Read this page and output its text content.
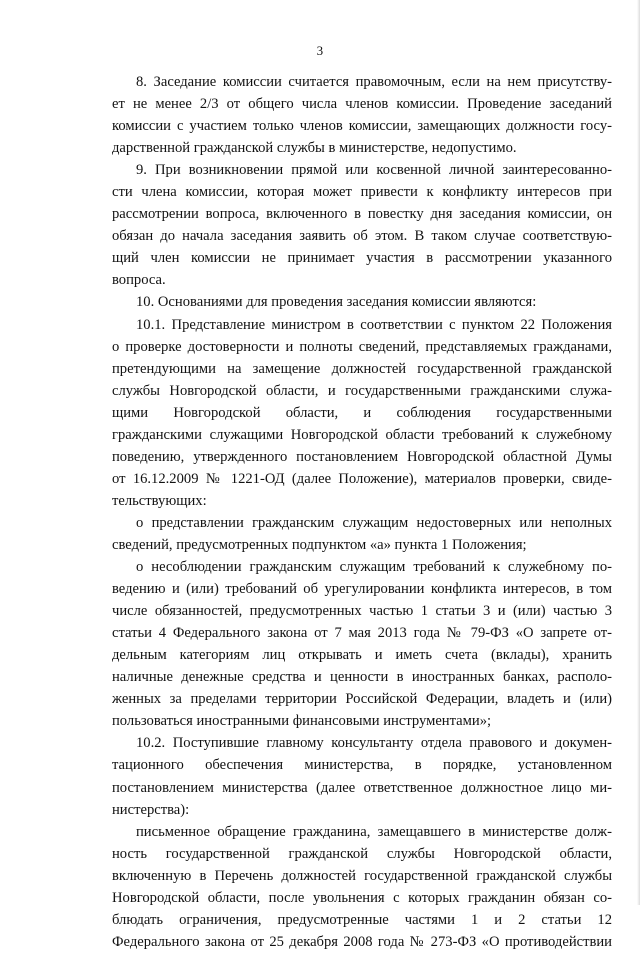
3
8. Заседание комиссии считается правомочным, если на нем присутству-
ет не менее 2/3 от общего числа членов комиссии. Проведение заседаний
комиссии с участием только членов комиссии, замещающих должности госу-
дарственной гражданской службы в министерстве, недопустимо.
9. При возникновении прямой или косвенной личной заинтересованно-
сти члена комиссии, которая может привести к конфликту интересов при
рассмотрении вопроса, включенного в повестку дня заседания комиссии, он
обязан до начала заседания заявить об этом. В таком случае соответствую-
щий член комиссии не принимает участия в рассмотрении указанного
вопроса.
10. Основаниями для проведения заседания комиссии являются:
10.1. Представление министром в соответствии с пунктом 22 Положения
о проверке достоверности и полноты сведений, представляемых гражданами,
претендующими на замещение должностей государственной гражданской
службы Новгородской области, и государственными гражданскими служа-
щими Новгородской области, и соблюдения государственными
гражданскими служащими Новгородской области требований к служебному
поведению, утвержденного постановлением Новгородской областной Думы
от 16.12.2009 № 1221-ОД (далее Положение), материалов проверки, свиде-
тельствующих:
о представлении гражданским служащим недостоверных или неполных
сведений, предусмотренных подпунктом «а» пункта 1 Положения;
о несоблюдении гражданским служащим требований к служебному по-
ведению и (или) требований об урегулировании конфликта интересов, в том
числе обязанностей, предусмотренных частью 1 статьи 3 и (или) частью 3
статьи 4 Федерального закона от 7 мая 2013 года № 79-ФЗ «О запрете от-
дельным категориям лиц открывать и иметь счета (вклады), хранить
наличные денежные средства и ценности в иностранных банках, располо-
женных за пределами территории Российской Федерации, владеть и (или)
пользоваться иностранными финансовыми инструментами»;
10.2. Поступившие главному консультанту отдела правового и докумен-
тационного обеспечения министерства, в порядке, установленном
постановлением министерства (далее ответственное должностное лицо ми-
нистерства):
письменное обращение гражданина, замещавшего в министерстве долж-
ность государственной гражданской службы Новгородской области,
включенную в Перечень должностей государственной гражданской службы
Новгородской области, после увольнения с которых гражданин обязан со-
блюдать ограничения, предусмотренные частями 1 и 2 статьи 12
Федерального закона от 25 декабря 2008 года № 273-ФЗ «О противодействии
